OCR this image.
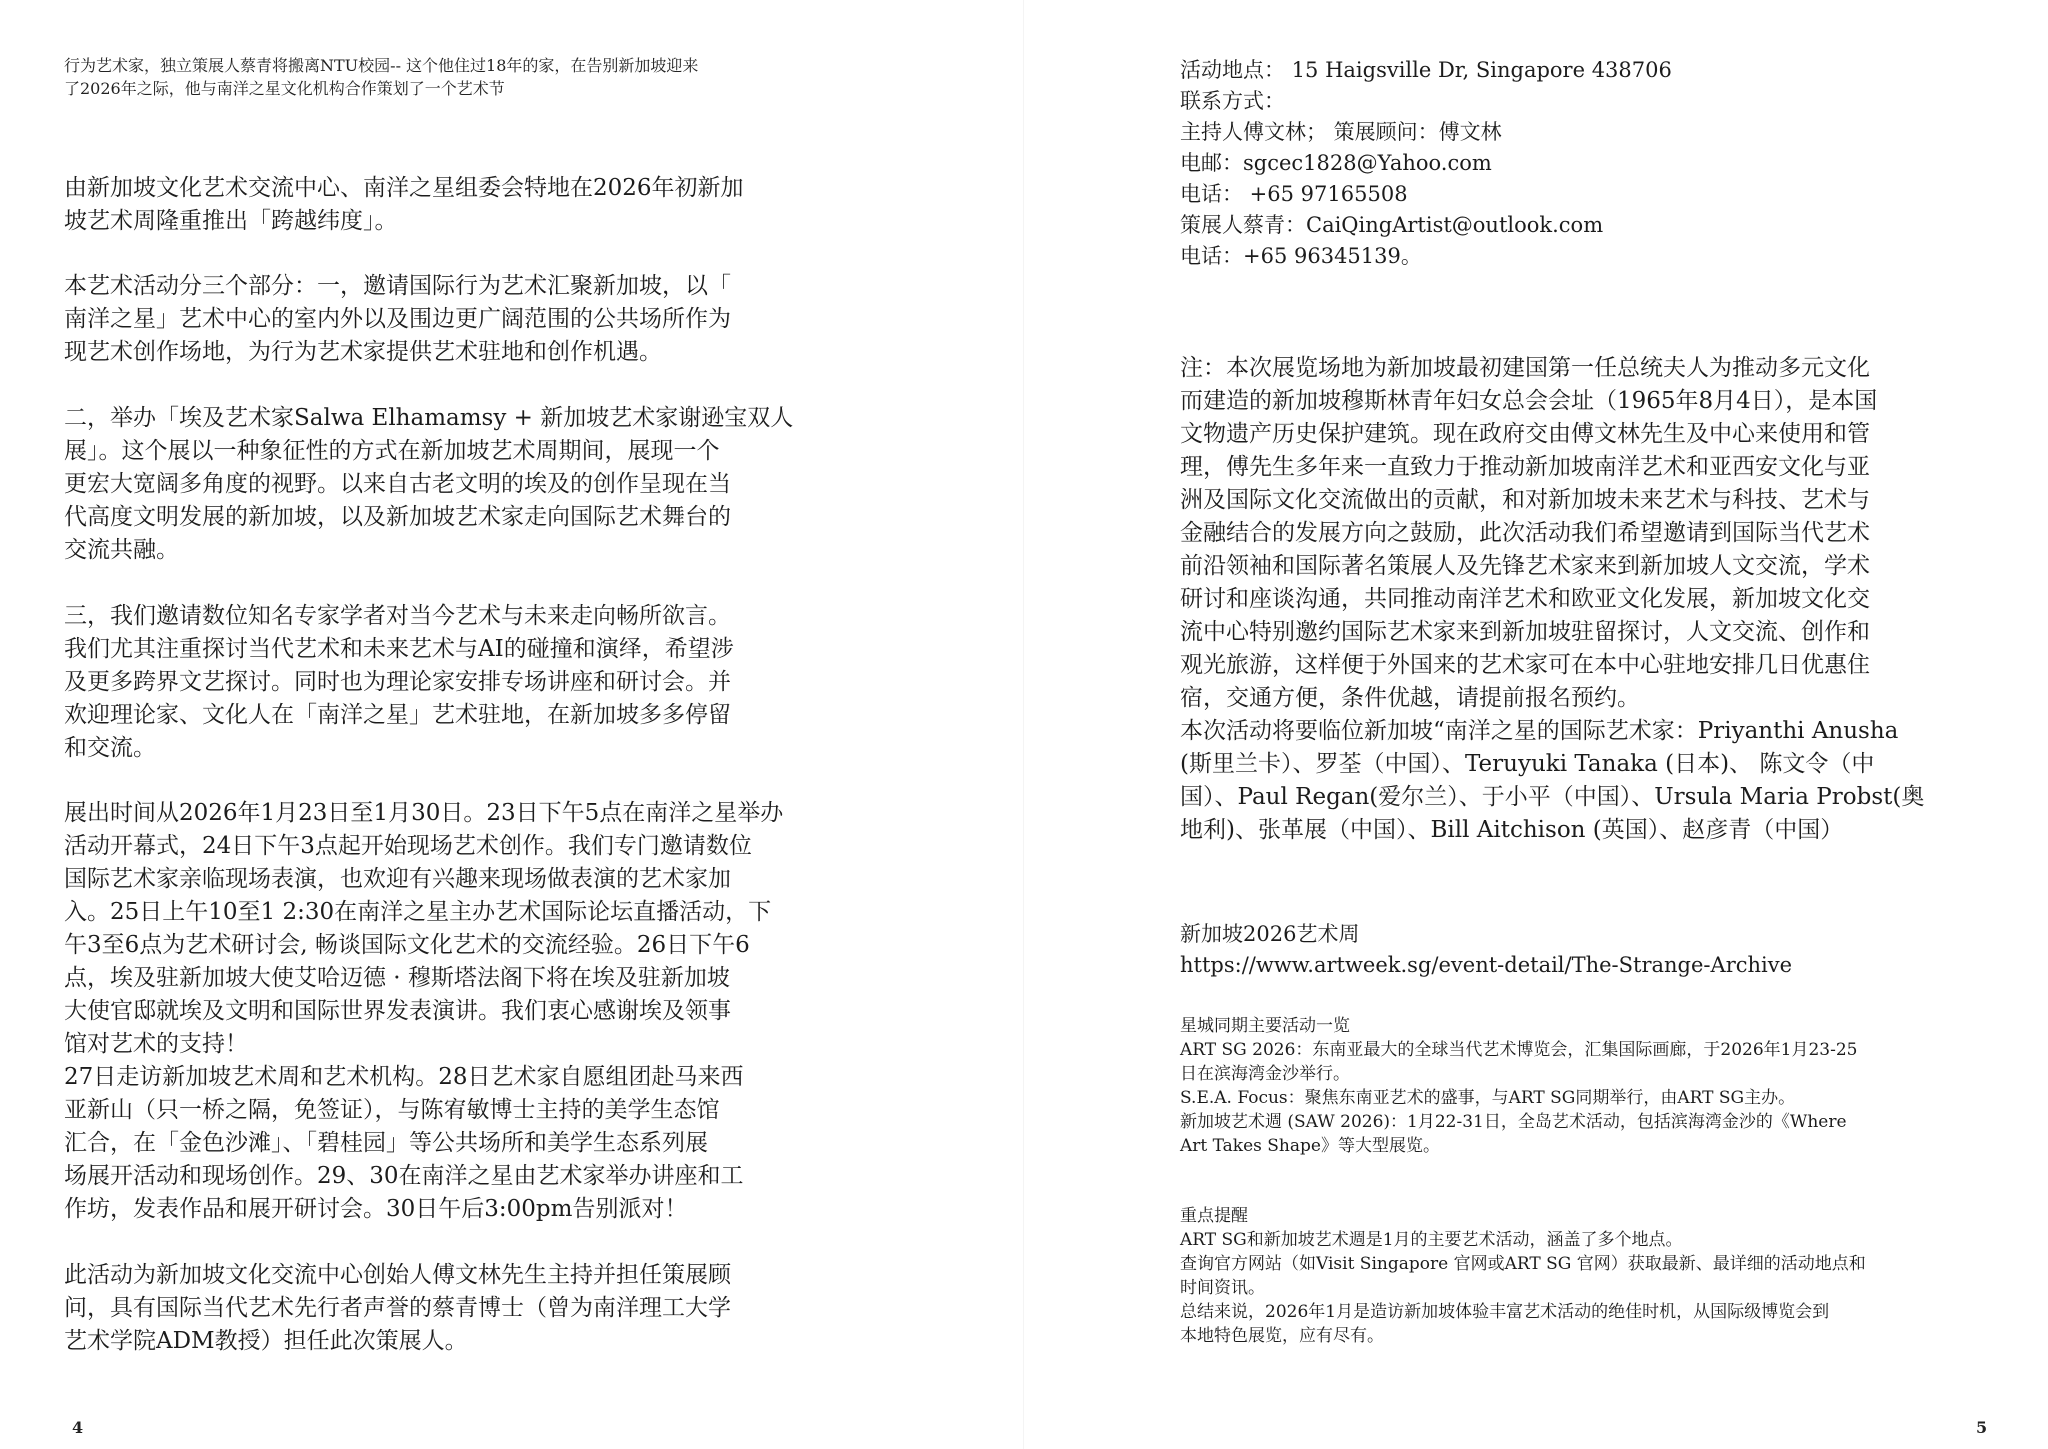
行为艺术家，独立策展人蔡青将搬离NTU校园-- 这个他住过18年的家，在告别新加坡迎来
了2026年之际，他与南洋之星文化机构合作策划了一个艺术节
由新加坡文化艺术交流中心、南洋之星组委会特地在2026年初新加
坡艺术周隆重推出「跨越纬度」。
本艺术活动分三个部分：一，邀请国际行为艺术汇聚新加坡，以「
南洋之星」艺术中心的室内外以及围边更广阔范围的公共场所作为
现艺术创作场地，为行为艺术家提供艺术驻地和创作机遇。
二，举办「埃及艺术家Salwa Elhamamsy + 新加坡艺术家谢逊宝双人
展」。这个展以一种象征性的方式在新加坡艺术周期间，展现一个
更宏大宽阔多角度的视野。以来自古老文明的埃及的创作呈现在当
代高度文明发展的新加坡，以及新加坡艺术家走向国际艺术舞台的
交流共融。
三，我们邀请数位知名专家学者对当今艺术与未来走向畅所欲言。
我们尤其注重探讨当代艺术和未来艺术与AI的碰撞和演绎，希望涉
及更多跨界文艺探讨。同时也为理论家安排专场讲座和研讨会。并
欢迎理论家、文化人在「南洋之星」艺术驻地，在新加坡多多停留
和交流。
展出时间从2026年1月23日至1月30日。23日下午5点在南洋之星举办
活动开幕式，24日下午3点起开始现场艺术创作。我们专门邀请数位
国际艺术家亲临现场表演，也欢迎有兴趣来现场做表演的艺术家加
入。25日上午10至1 2:30在南洋之星主办艺术国际论坛直播活动，下
午3至6点为艺术研讨会, 畅谈国际文化艺术的交流经验。26日下午6
点，埃及驻新加坡大使艾哈迈德 · 穆斯塔法阁下将在埃及驻新加坡
大使官邸就埃及文明和国际世界发表演讲。我们衷心感谢埃及领事
馆对艺术的支持！
27日走访新加坡艺术周和艺术机构。28日艺术家自愿组团赴马来西
亚新山（只一桥之隔，免签证），与陈宥敏博士主持的美学生态馆
汇合，在「金色沙滩」、「碧桂园」等公共场所和美学生态系列展
场展开活动和现场创作。29、30在南洋之星由艺术家举办讲座和工
作坊，发表作品和展开研讨会。30日午后3:00pm告别派对！
此活动为新加坡文化交流中心创始人傅文林先生主持并担任策展顾
问，具有国际当代艺术先行者声誉的蔡青博士（曾为南洋理工大学
艺术学院ADM教授）担任此次策展人。
4
活动地点： 15 Haigsville Dr, Singapore 438706
联系方式：
主持人傅文林； 策展顾问：傅文林
电邮：sgcec1828@Yahoo.com
电话： +65 97165508
策展人蔡青：CaiQingArtist@outlook.com
电话：+65 96345139。
注：本次展览场地为新加坡最初建国第一任总统夫人为推动多元文化
而建造的新加坡穆斯林青年妇女总会会址（1965年8月4日），是本国
文物遗产历史保护建筑。现在政府交由傅文林先生及中心来使用和管
理，傅先生多年来一直致力于推动新加坡南洋艺术和亚西安文化与亚
洲及国际文化交流做出的贡献，和对新加坡未来艺术与科技、艺术与
金融结合的发展方向之鼓励，此次活动我们希望邀请到国际当代艺术
前沿领袖和国际著名策展人及先锋艺术家来到新加坡人文交流，学术
研讨和座谈沟通，共同推动南洋艺术和欧亚文化发展，新加坡文化交
流中心特别邀约国际艺术家来到新加坡驻留探讨，人文交流、创作和
观光旅游，这样便于外国来的艺术家可在本中心驻地安排几日优惠住
宿，交通方便，条件优越，请提前报名预约。
本次活动将要临位新加坡“南洋之星的国际艺术家：Priyanthi Anusha
(斯里兰卡）、罗荃（中国）、Teruyuki Tanaka (日本)、 陈文令（中
国）、Paul Regan(爱尔兰）、于小平（中国）、Ursula Maria Probst(奥
地利)、张革展（中国）、Bill Aitchison (英国）、赵彦青（中国）
新加坡2026艺术周
https://www.artweek.sg/event-detail/The-Strange-Archive
星城同期主要活动一览
ART SG 2026：东南亚最大的全球当代艺术博览会，汇集国际画廊，于2026年1月23-25
日在滨海湾金沙举行。
S.E.A. Focus：聚焦东南亚艺术的盛事，与ART SG同期举行，由ART SG主办。
新加坡艺术週 (SAW 2026)：1月22-31日，全岛艺术活动，包括滨海湾金沙的《Where
Art Takes Shape》等大型展览。
重点提醒
ART SG和新加坡艺术週是1月的主要艺术活动，涵盖了多个地点。
查询官方网站（如Visit Singapore 官网或ART SG 官网）获取最新、最详细的活动地点和
时间资讯。
总结来说，2026年1月是造访新加坡体验丰富艺术活动的绝佳时机，从国际级博览会到
本地特色展览，应有尽有。
5
